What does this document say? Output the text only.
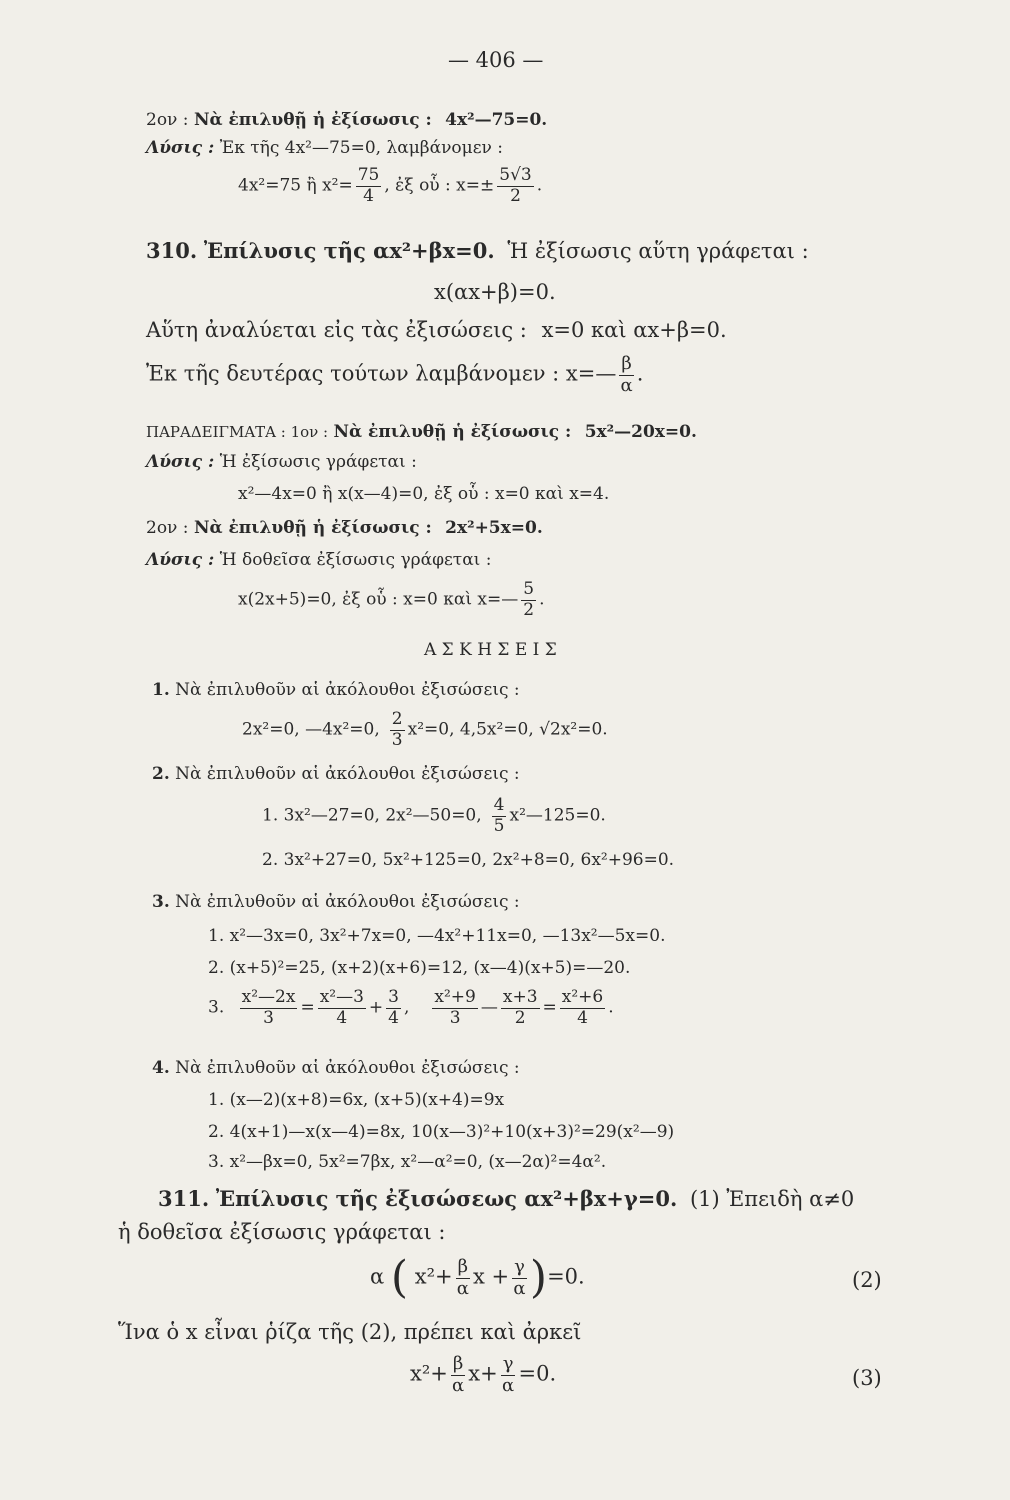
— 406 —
2ον : Νὰ ἐπιλυθῇ ἡ ἐξίσωσις : 4x²—75=0.
Λύσις : Ἐκ τῆς 4x²—75=0, λαμβάνομεν :
4x²=75 ἢ $x^2= \frac{75}{4}$ , ἐξ οὗ : $x=\pm \frac{5√3}{2}$ .
310. Ἐπίλυσις τῆς αx²+βx=0. Ἡ ἐξίσωσις αὕτη γράφεται :
x(αx+β)=0.
Αὕτη ἀναλύεται εἰς τὰς ἐξισώσεις : x=0 καὶ αx+β=0.
Ἐκ τῆς δευτέρας τούτων λαμβάνομεν : x=— $\frac{\beta}{\alpha}$ .
ΠΑΡΑΔΕΙΓΜΑΤΑ : 1ον : Νὰ ἐπιλυθῇ ἡ ἐξίσωσις : 5x²—20x=0.
Λύσις : Ἡ ἐξίσωσις γράφεται :
x²—4x=0 ἢ x(x—4)=0, ἐξ οὗ : x=0 καὶ x=4.
2ον : Νὰ ἐπιλυθῇ ἡ ἐξίσωσις : 2x²+5x=0.
Λύσις : Ἡ δοθεῖσα ἐξίσωσις γράφεται :
x(2x+5)=0, ἐξ οὗ : x=0 καὶ x=— $\frac{5}{2}$ .
Α Σ Κ Η Σ Ε Ι Σ
1. Νὰ ἐπιλυθοῦν αἱ ἀκόλουθοι ἐξισώσεις :
2x²=0, —4x²=0, $\frac{2}{3} x^2=0$, 4,5x²=0, √2x²=0.
2. Νὰ ἐπιλυθοῦν αἱ ἀκόλουθοι ἐξισώσεις :
1. 3x²—27=0, 2x²—50=0, $\frac{4}{5}$ x²—125=0.
2. 3x²+27=0, 5x²+125=0, 2x²+8=0, 6x²+96=0.
3. Νὰ ἐπιλυθοῦν αἱ ἀκόλουθοι ἐξισώσεις :
1. x²—3x=0, 3x²+7x=0, —4x²+11x=0, —13x²—5x=0.
2. (x+5)²=25, (x+2)(x+6)=12, (x—4)(x+5)=—20.
3. $\frac{\text{x²—2x}}{3} = \frac{\text{x²—3}}{4} + \frac{3}{4}$ , $\frac{\text{x²+9}}{3}$ — $\frac{x+3}{2} = \frac{\text{x²+6}}{4}$ .
4. Νὰ ἐπιλυθοῦν αἱ ἀκόλουθοι ἐξισώσεις :
1. (x—2)(x+8)=6x, (x+5)(x+4)=9x
2. 4(x+1)—x(x—4)=8x, 10(x—3)²+10(x+3)²=29(x²—9)
3. x²—βx=0, 5x²=7βx, x²—α²=0, (x—2α)²=4α².
311. Ἐπίλυσις τῆς ἐξισώσεως αx²+βx+γ=0. (1) Ἐπειδὴ α≠0
ἡ δοθεῖσα ἐξίσωσις γράφεται :
α ( $x^2+ \frac{\beta}{\alpha}$ $x + \frac{\gamma}{\alpha} )=0$.	(2)
Ἵνα ὁ x εἶναι ῥίζα τῆς (2), πρέπει καὶ ἀρκεῖ
$x^2+ \frac{\beta}{\alpha} x+ \frac{\gamma}{\alpha} =0$.	(3)
